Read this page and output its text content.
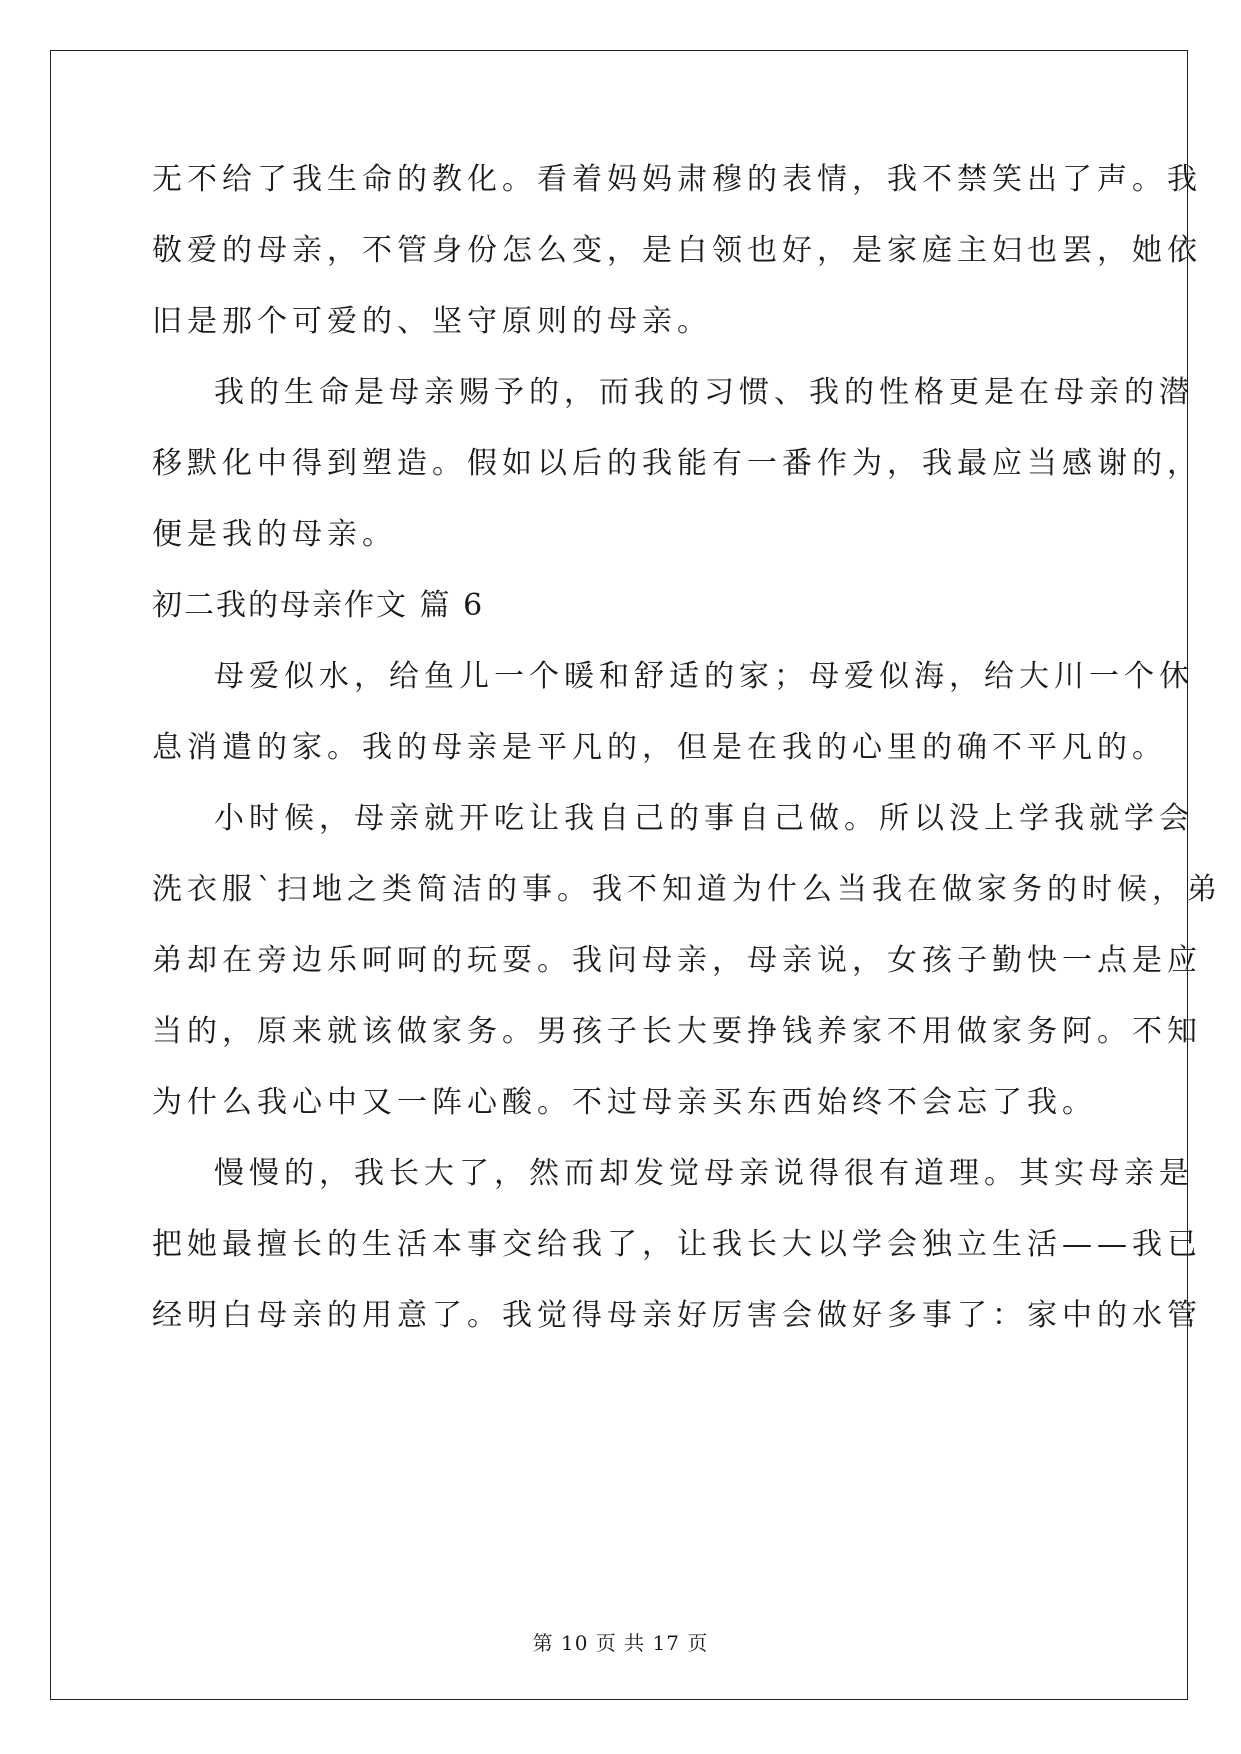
无不给了我生命的教化。看着妈妈肃穆的表情，我不禁笑出了声。我
敬爱的母亲，不管身份怎么变，是白领也好，是家庭主妇也罢，她依
旧是那个可爱的、坚守原则的母亲。
我的生命是母亲赐予的，而我的习惯、我的性格更是在母亲的潜
移默化中得到塑造。假如以后的我能有一番作为，我最应当感谢的，
便是我的母亲。
初二我的母亲作文 篇 6
母爱似水，给鱼儿一个暖和舒适的家；母爱似海，给大川一个休
息消遣的家。我的母亲是平凡的，但是在我的心里的确不平凡的。
小时候，母亲就开吃让我自己的事自己做。所以没上学我就学会
洗衣服`扫地之类简洁的事。我不知道为什么当我在做家务的时候，弟
弟却在旁边乐呵呵的玩耍。我问母亲，母亲说，女孩子勤快一点是应
当的，原来就该做家务。男孩子长大要挣钱养家不用做家务阿。不知
为什么我心中又一阵心酸。不过母亲买东西始终不会忘了我。
慢慢的，我长大了，然而却发觉母亲说得很有道理。其实母亲是
把她最擅长的生活本事交给我了，让我长大以学会独立生活——我已
经明白母亲的用意了。我觉得母亲好厉害会做好多事了：家中的水管
第 10 页 共 17 页
